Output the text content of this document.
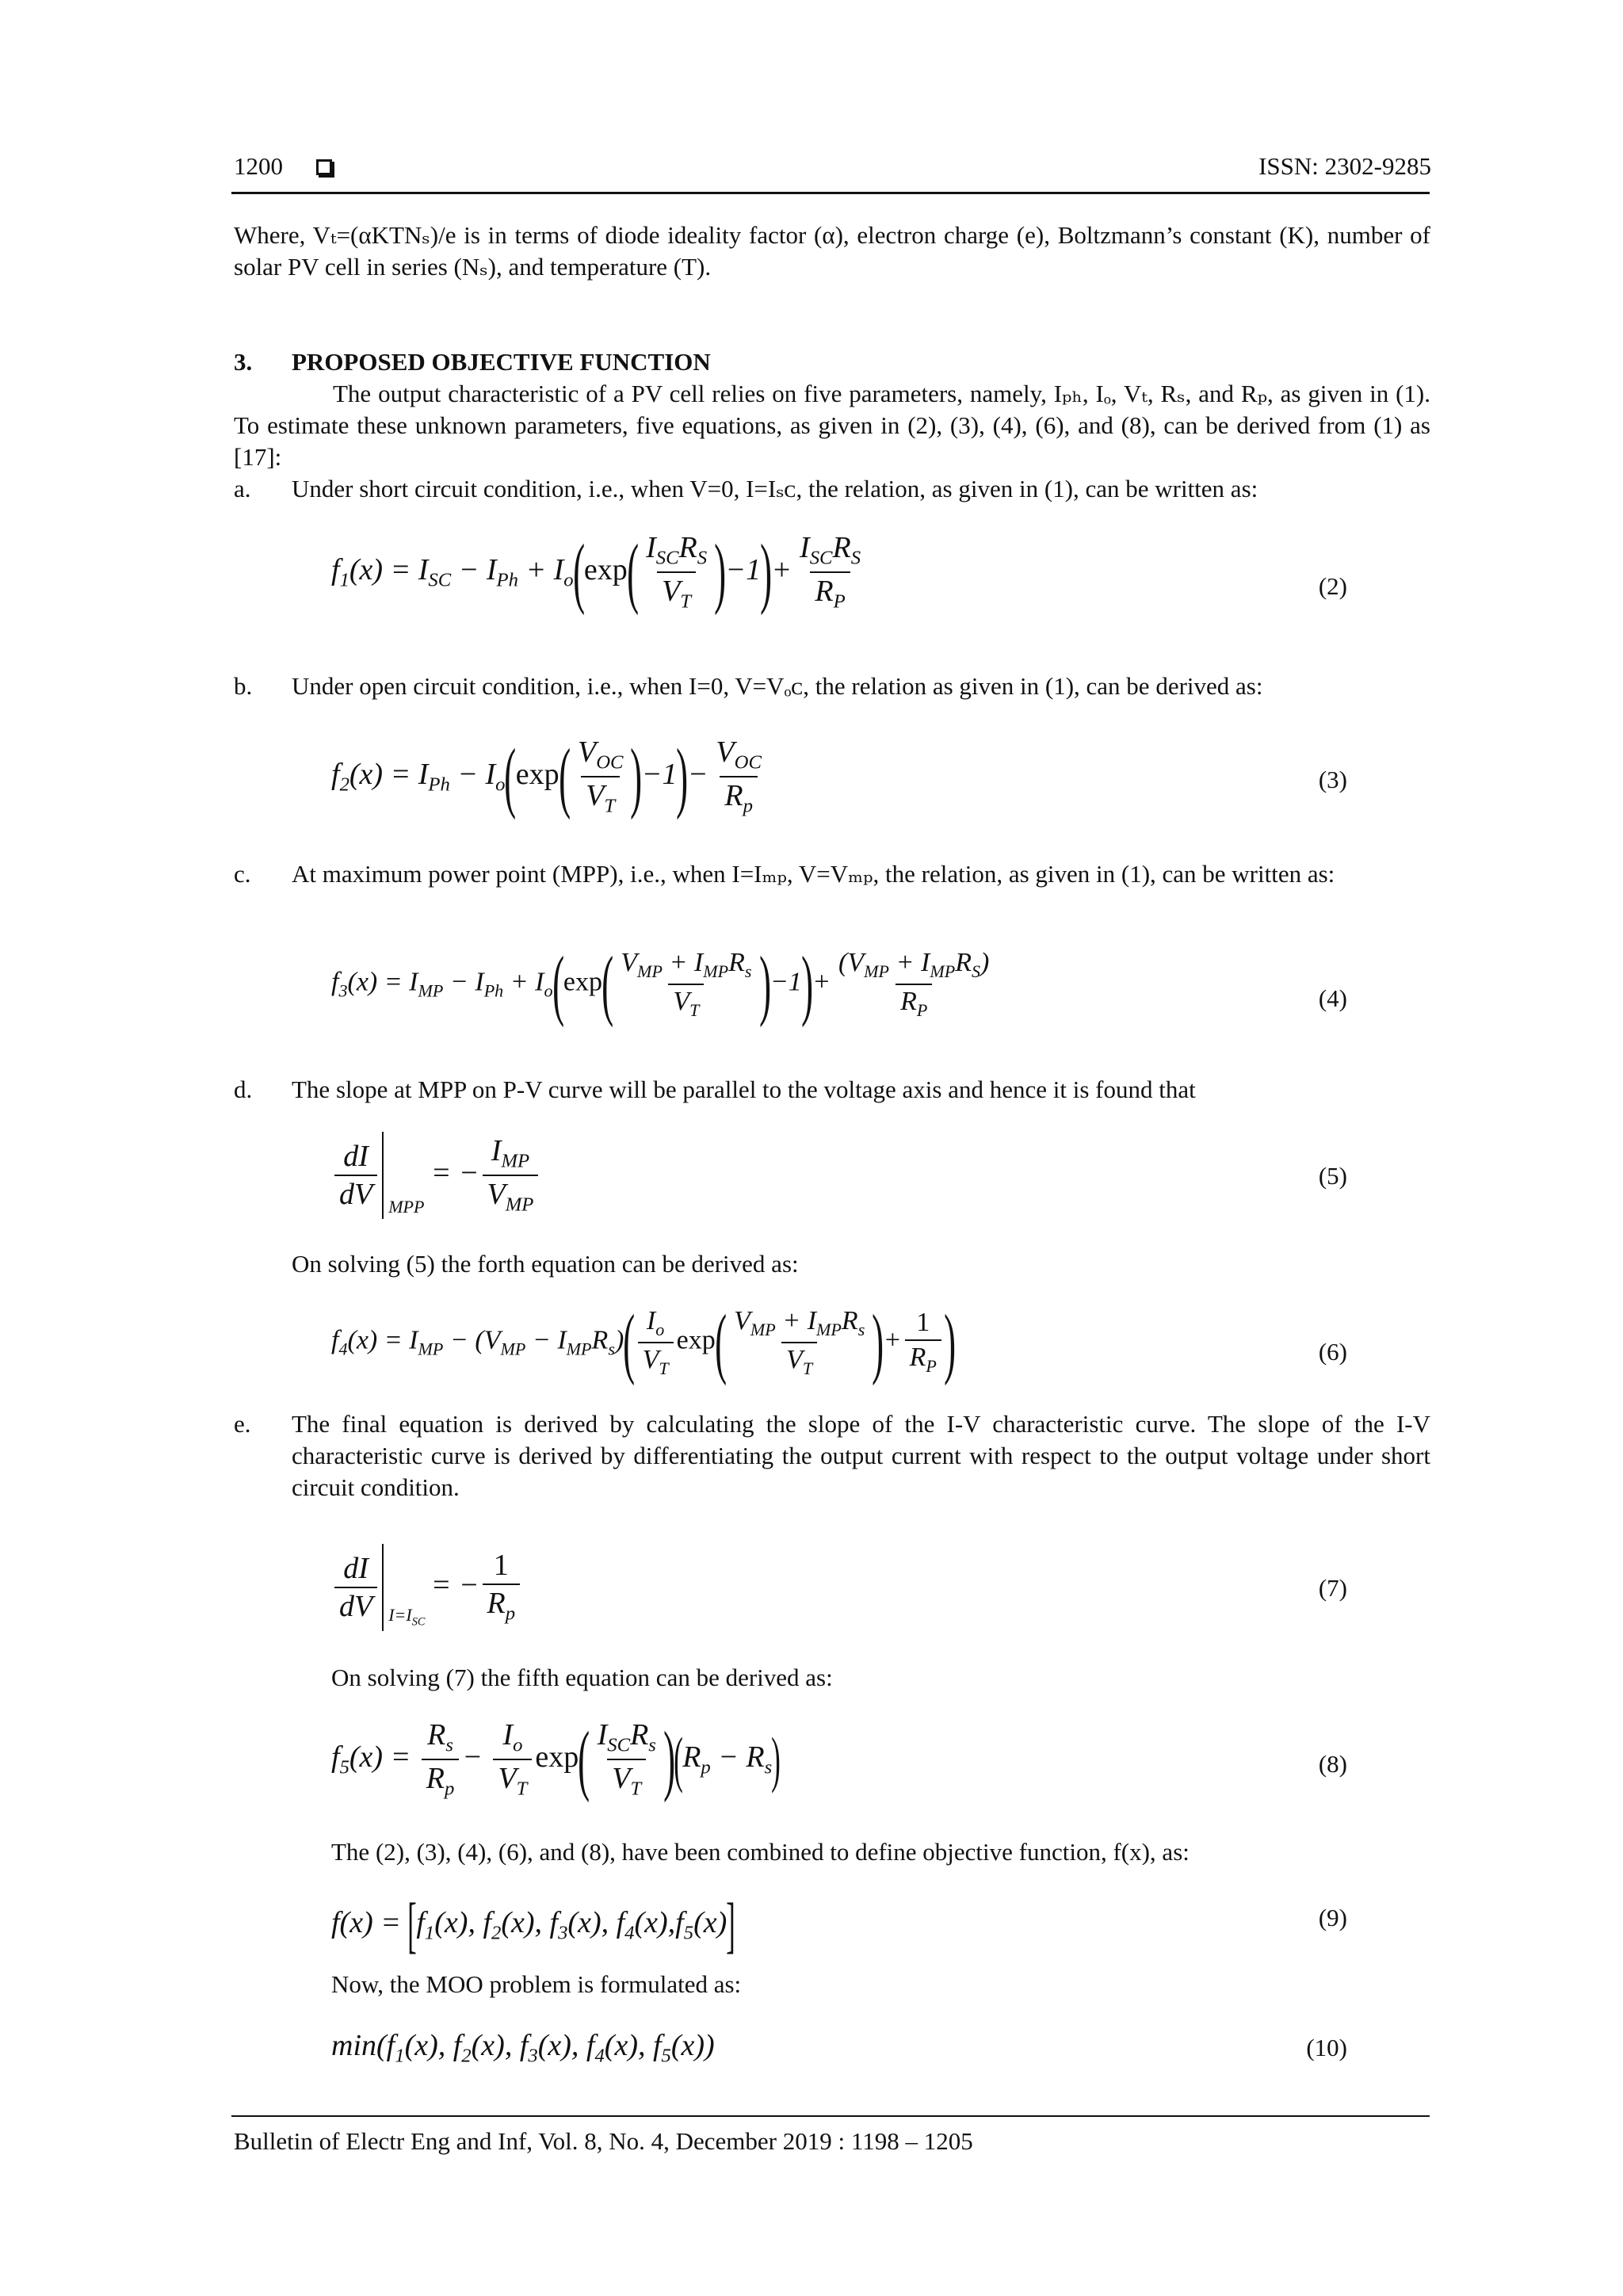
1200	ISSN: 2302-9285

Where, Vₜ=(αKTNₛ)/e is in terms of diode ideality factor (α), electron charge (e), Boltzmann’s constant (K), number of solar PV cell in series (Nₛ), and temperature (T).

3. PROPOSED OBJECTIVE FUNCTION

The output characteristic of a PV cell relies on five parameters, namely, Iₚₕ, Iₒ, Vₜ, Rₛ, and Rₚ, as given in (1). To estimate these unknown parameters, five equations, as given in (2), (3), (4), (6), and (8), can be derived from (1) as [17]:

a.	Under short circuit condition, i.e., when V=0, I=Iₛᴄ, the relation, as given in (1), can be written as:
$f_1(x) = I_{SC} - I_{Ph} + I_o(\exp( \frac{I_{SC}R_S}{V_T} )-1)+ \frac{I_{SC}R_S}{R_P}$	(2)
b.	Under open circuit condition, i.e., when I=0, V=Vₒᴄ, the relation as given in (1), can be derived as:
$f_2(x) = I_{Ph} - I_o(\exp( \frac{V_{OC}}{V_T} )-1)- \frac{V_{OC}}{R_p}$	(3)
c.	At maximum power point (MPP), i.e., when I=Iₘₚ, V=Vₘₚ, the relation, as given in (1), can be written as:
$f_3(x) = I_{MP} - I_{Ph} + I_o(\exp( \frac{V_{MP} + I_{MP}R_s}{V_T} )-1)+ \frac{(V_{MP} + I_{MP}R_S)}{R_P}$	(4)
d.	The slope at MPP on P-V curve will be parallel to the voltage axis and hence it is found that
$\frac{dI}{dV}$ MPP
= − $\frac{I_{MP}}{V_{MP}}$	(5)

On solving (5) the forth equation can be derived as:

$f_4(x) = I_{MP} - (V_{MP} - I_{MP}R_s)( \frac{I_o}{V_T} \exp( \frac{V_{MP} + I_{MP}R_s}{V_T}$ )+ $\frac{1}{R_P}$ )	(6)
e.	The final equation is derived by calculating the slope of the I-V characteristic curve. The slope of the I-V characteristic curve is derived by differentiating the output current with respect to the output voltage under short circuit condition.
$\frac{dI}{dV} I=I_{SC}$
= − $\frac{1}{R_p}$	(7)

On solving (7) the fifth equation can be derived as:

$f_5(x) = \frac{R_s}{R_p} - \frac{I_o}{V_T} \exp( \frac{I_{SC}R_s}{V_T} )(R_p - R_s)$	(8)

The (2), (3), (4), (6), and (8), have been combined to define objective function, f(x), as:

$f(x) = [f_1(x)$, $f_2(x)$, $f_3(x)$, $f_4(x),f_5(x)$]	(9)

Now, the MOO problem is formulated as:

$\min(f_1(x)$, $f_2(x)$, $f_3(x)$, $f_4(x)$, $f_5(x)$)	(10)
Bulletin of Electr Eng and Inf, Vol. 8, No. 4, December 2019 : 1198 – 1205
